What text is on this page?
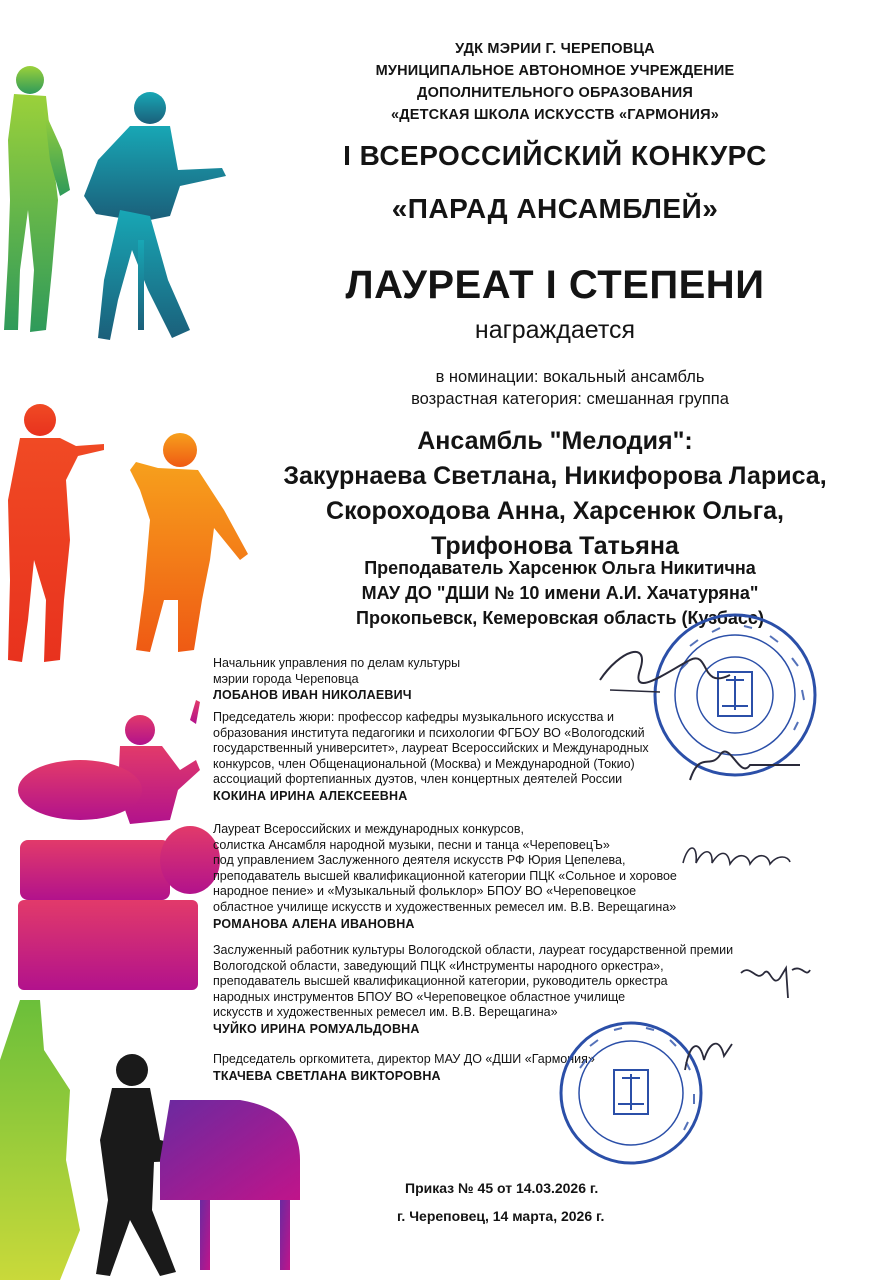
УДК МЭРИИ Г. ЧЕРЕПОВЦА
МУНИЦИПАЛЬНОЕ АВТОНОМНОЕ УЧРЕЖДЕНИЕ
ДОПОЛНИТЕЛЬНОГО ОБРАЗОВАНИЯ
«ДЕТСКАЯ ШКОЛА ИСКУССТВ «ГАРМОНИЯ»
I ВСЕРОССИЙСКИЙ КОНКУРС
«ПАРАД АНСАМБЛЕЙ»
ЛАУРЕАТ I СТЕПЕНИ
награждается
в номинации: вокальный ансамбль
возрастная категория: смешанная группа
Ансамбль "Мелодия":
Закурнаева Светлана, Никифорова Лариса,
Скороходова Анна, Харсенюк Ольга,
Трифонова Татьяна
Преподаватель Харсенюк Ольга Никитична
МАУ ДО "ДШИ № 10 имени А.И. Хачатуряна"
Прокопьевск, Кемеровская область (Кузбасс)
Начальник управления по делам культуры
мэрии города Череповца
ЛОБАНОВ ИВАН НИКОЛАЕВИЧ
Председатель жюри: профессор кафедры музыкального искусства и
образования института педагогики и психологии ФГБОУ ВО «Вологодский
государственный университет», лауреат Всероссийских и Международных
конкурсов, член Общенациональной (Москва) и Международной (Токио)
ассоциаций фортепианных дуэтов, член концертных деятелей России
КОКИНА ИРИНА АЛЕКСЕЕВНА
Лауреат Всероссийских и международных конкурсов,
солистка Ансамбля народной музыки, песни и танца «ЧереповецЪ»
под управлением Заслуженного деятеля искусств РФ Юрия Цепелева,
преподаватель высшей квалификационной категории ПЦК «Сольное и хоровое
народное пение» и «Музыкальный фольклор» БПОУ ВО «Череповецкое
областное училище искусств и художественных ремесел им. В.В. Верещагина»
РОМАНОВА АЛЕНА ИВАНОВНА
Заслуженный работник культуры Вологодской области, лауреат государственной премии
Вологодской области, заведующий ПЦК «Инструменты народного оркестра»,
преподаватель высшей квалификационной категории, руководитель оркестра
народных инструментов БПОУ ВО «Череповецкое областное училище
искусств и художественных ремесел им. В.В. Верещагина»
ЧУЙКО ИРИНА РОМУАЛЬДОВНА
Председатель оргкомитета, директор МАУ ДО «ДШИ «Гармония»
ТКАЧЕВА СВЕТЛАНА ВИКТОРОВНА
Приказ № 45 от 14.03.2026 г.
г. Череповец, 14 марта, 2026 г.
